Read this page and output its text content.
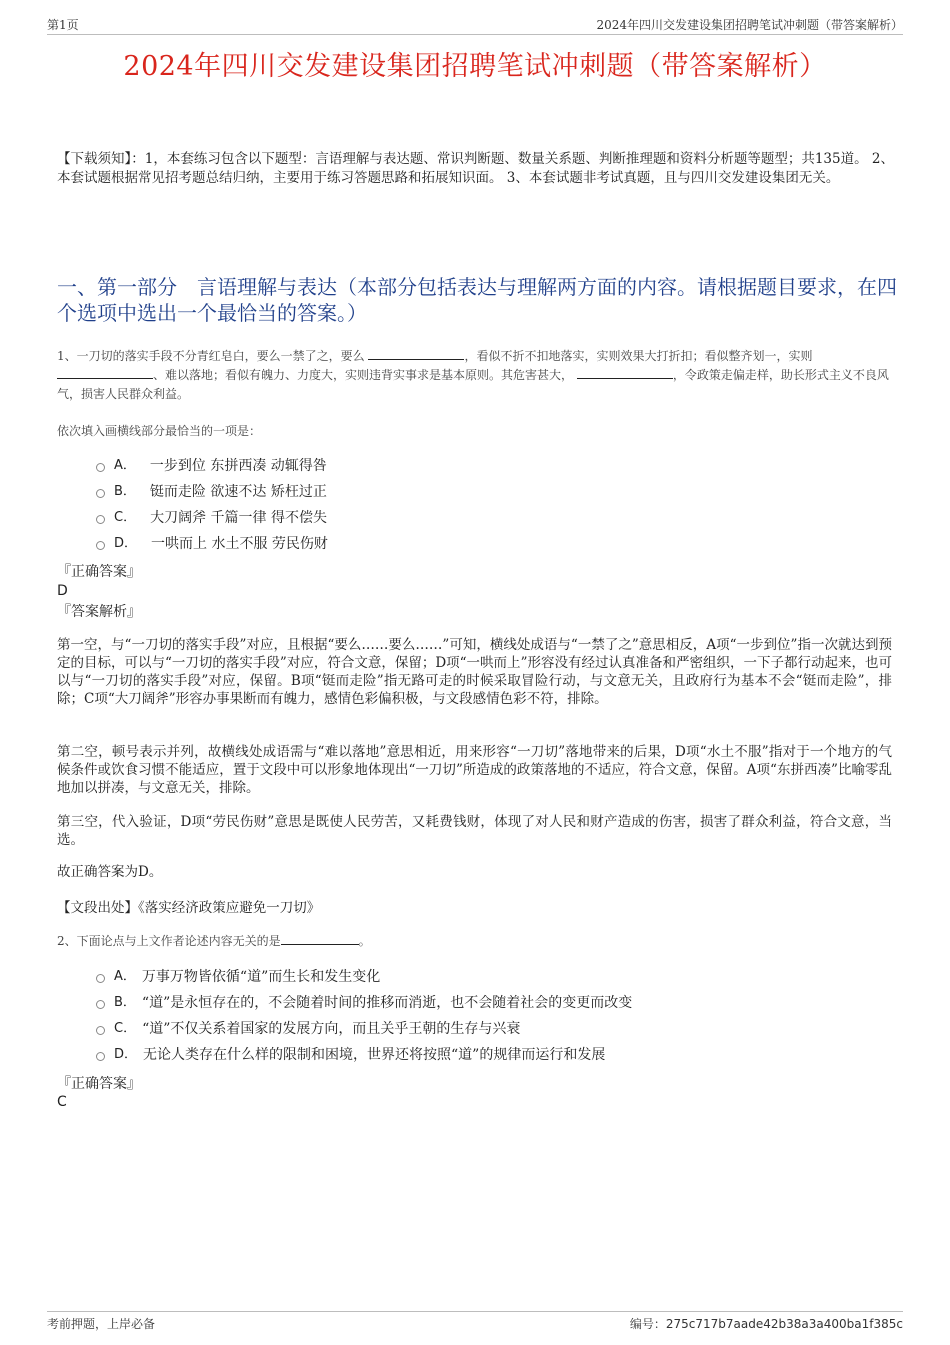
第1页	2024年四川交发建设集团招聘笔试冲刺题（带答案解析）
2024年四川交发建设集团招聘笔试冲刺题（带答案解析）
【下载须知】：1，本套练习包含以下题型：言语理解与表达题、常识判断题、数量关系题、判断推理题和资料分析题等题型；共135道。 2、本套试题根据常见招考题总结归纳，主要用于练习答题思路和拓展知识面。 3、本套试题非考试真题，且与四川交发建设集团无关。
一、第一部分　言语理解与表达（本部分包括表达与理解两方面的内容。请根据题目要求，在四个选项中选出一个最恰当的答案。）
1、一刀切的落实手段不分青红皂白，要么一禁了之，要么	，看似不折不扣地落实，实则效果大打折扣；看似整齐划一，实则 、难以落地；看似有魄力、力度大，实则违背实事求是基本原则。其危害甚大，	，令政策走偏走样，助长形式主义不良风气，损害人民群众利益。
依次填入画横线部分最恰当的一项是：
A． 一步到位 东拼西凑 动辄得咎
B． 铤而走险 欲速不达 矫枉过正
C． 大刀阔斧 千篇一律 得不偿失
D． 一哄而上 水土不服 劳民伤财
『正确答案』
D
『答案解析』
第一空，与“一刀切的落实手段”对应，且根据“要么……要么……”可知，横线处成语与“一禁了之”意思相反，A项“一步到位”指一次就达到预定的目标，可以与“一刀切的落实手段”对应，符合文意，保留；D项“一哄而上”形容没有经过认真准备和严密组织，一下子都行动起来，也可以与“一刀切的落实手段”对应，保留。B项“铤而走险”指无路可走的时候采取冒险行动，与文意无关，且政府行为基本不会“铤而走险”，排除；C项“大刀阔斧”形容办事果断而有魄力，感情色彩偏积极，与文段感情色彩不符，排除。
第二空，顿号表示并列，故横线处成语需与“难以落地”意思相近，用来形容“一刀切”落地带来的后果，D项“水土不服”指对于一个地方的气候条件或饮食习惯不能适应，置于文段中可以形象地体现出“一刀切”所造成的政策落地的不适应，符合文意，保留。A项“东拼西凑”比喻零乱地加以拼凑，与文意无关，排除。
第三空，代入验证，D项“劳民伤财”意思是既使人民劳苦，又耗费钱财，体现了对人民和财产造成的伤害，损害了群众利益，符合文意，当选。
故正确答案为D。
【文段出处】《落实经济政策应避免一刀切》
2、下面论点与上文作者论述内容无关的是	。
A． 万事万物皆依循“道”而生长和发生变化
B． “道”是永恒存在的，不会随着时间的推移而消逝，也不会随着社会的变更而改变
C． “道”不仅关系着国家的发展方向，而且关乎王朝的生存与兴衰
D． 无论人类存在什么样的限制和困境，世界还将按照“道”的规律而运行和发展
『正确答案』
C
考前押题，上岸必备	编号：275c717b7aade42b38a3a400ba1f385c
